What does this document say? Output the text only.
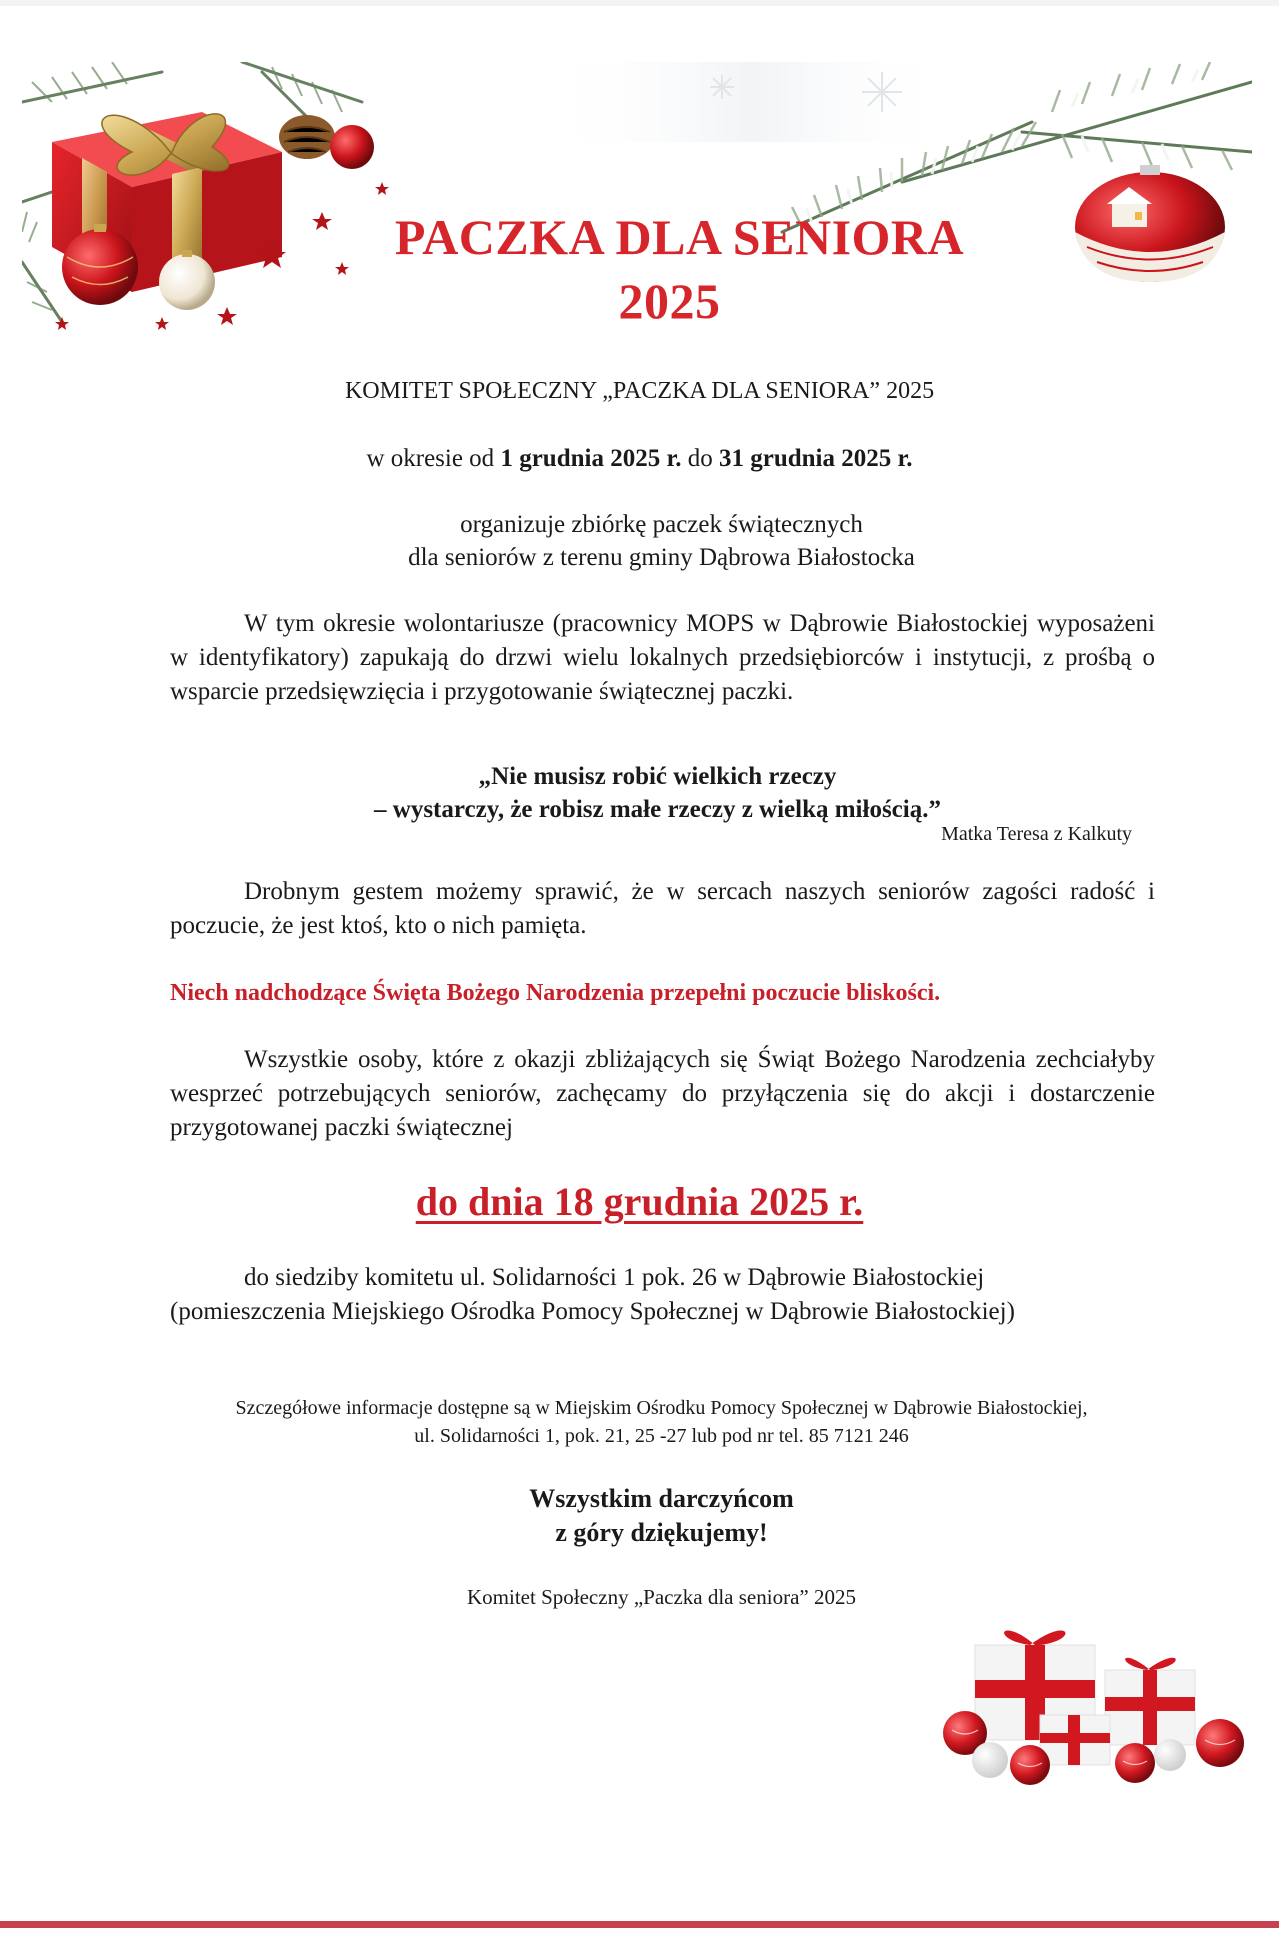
PACZKA DLA SENIORA
2025
KOMITET SPOŁECZNY „PACZKA DLA SENIORA” 2025
w okresie od 1 grudnia 2025 r. do 31 grudnia 2025 r.
organizuje zbiórkę paczek świątecznych
dla seniorów z terenu gminy Dąbrowa Białostocka
W tym okresie wolontariusze (pracownicy MOPS w Dąbrowie Białostockiej wyposażeni w identyfikatory) zapukają do drzwi wielu lokalnych przedsiębiorców i instytucji, z prośbą o wsparcie przedsięwzięcia i przygotowanie świątecznej paczki.
„Nie musisz robić wielkich rzeczy
– wystarczy, że robisz małe rzeczy z wielką miłością.”
Matka Teresa z Kalkuty
Drobnym gestem możemy sprawić, że w sercach naszych seniorów zagości radość i poczucie, że jest ktoś, kto o nich pamięta.
Niech nadchodzące Święta Bożego Narodzenia przepełni poczucie bliskości.
Wszystkie osoby, które z okazji zbliżających się Świąt Bożego Narodzenia zechciałyby wesprzeć potrzebujących seniorów, zachęcamy do przyłączenia się do akcji i dostarczenie przygotowanej paczki świątecznej
do dnia 18 grudnia 2025 r.
do siedziby komitetu ul. Solidarności 1 pok. 26 w Dąbrowie Białostockiej
(pomieszczenia Miejskiego Ośrodka Pomocy Społecznej w Dąbrowie Białostockiej)
Szczegółowe informacje dostępne są w Miejskim Ośrodku Pomocy Społecznej w Dąbrowie Białostockiej,
ul. Solidarności 1, pok. 21, 25 -27 lub pod nr tel. 85 7121 246
Wszystkim darczyńcom
z góry dziękujemy!
Komitet Społeczny „Paczka dla seniora” 2025
